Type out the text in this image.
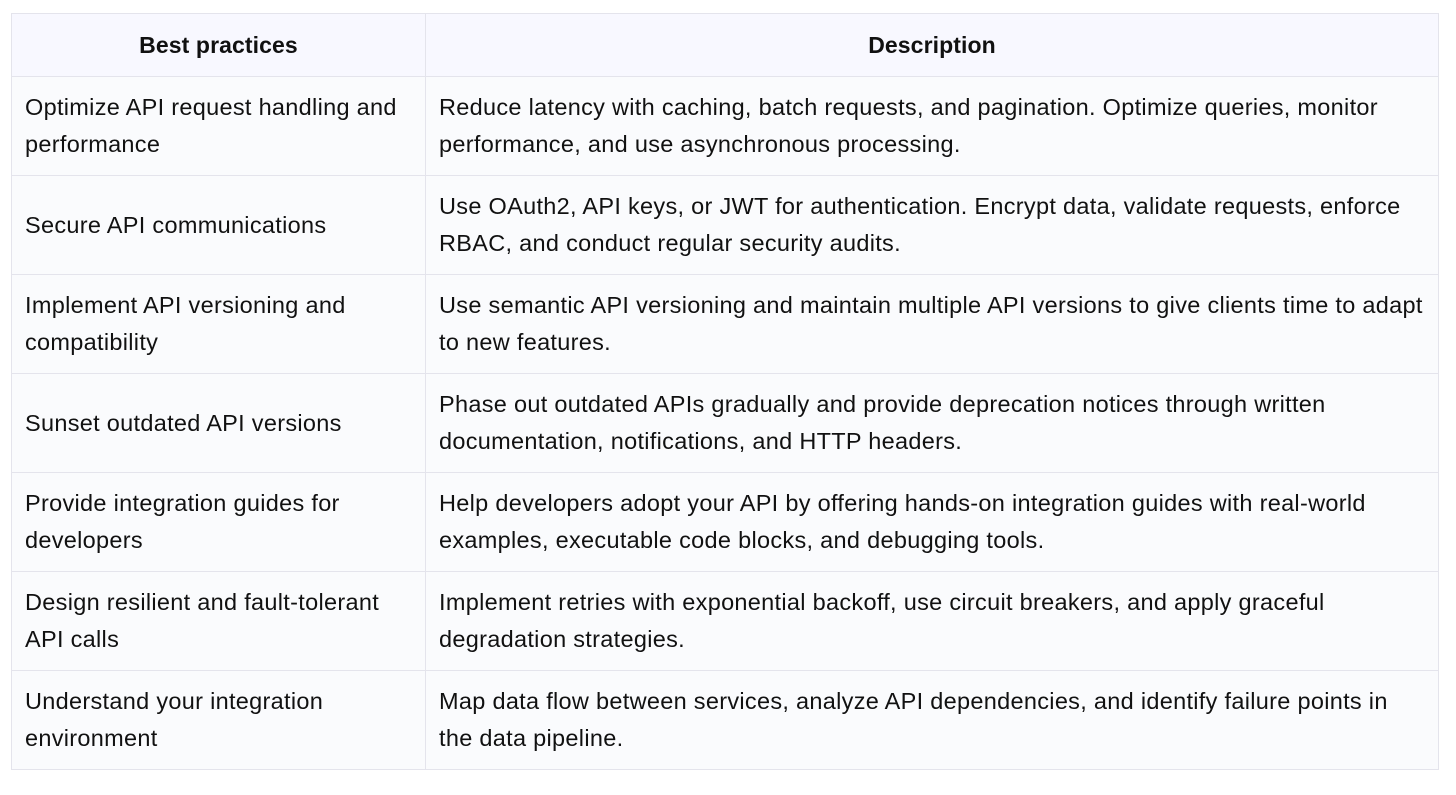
Best practices	Description
Optimize API request handling and performance	Reduce latency with caching, batch requests, and pagination. Optimize queries, monitor performance, and use asynchronous processing.
Secure API communications	Use OAuth2, API keys, or JWT for authentication. Encrypt data, validate requests, enforce RBAC, and conduct regular security audits.
Implement API versioning and compatibility	Use semantic API versioning and maintain multiple API versions to give clients time to adapt to new features.
Sunset outdated API versions	Phase out outdated APIs gradually and provide deprecation notices through written documentation, notifications, and HTTP headers.
Provide integration guides for developers	Help developers adopt your API by offering hands-on integration guides with real-world examples, executable code blocks, and debugging tools.
Design resilient and fault-tolerant API calls	Implement retries with exponential backoff, use circuit breakers, and apply graceful degradation strategies.
Understand your integration environment	Map data flow between services, analyze API dependencies, and identify failure points in the data pipeline.
